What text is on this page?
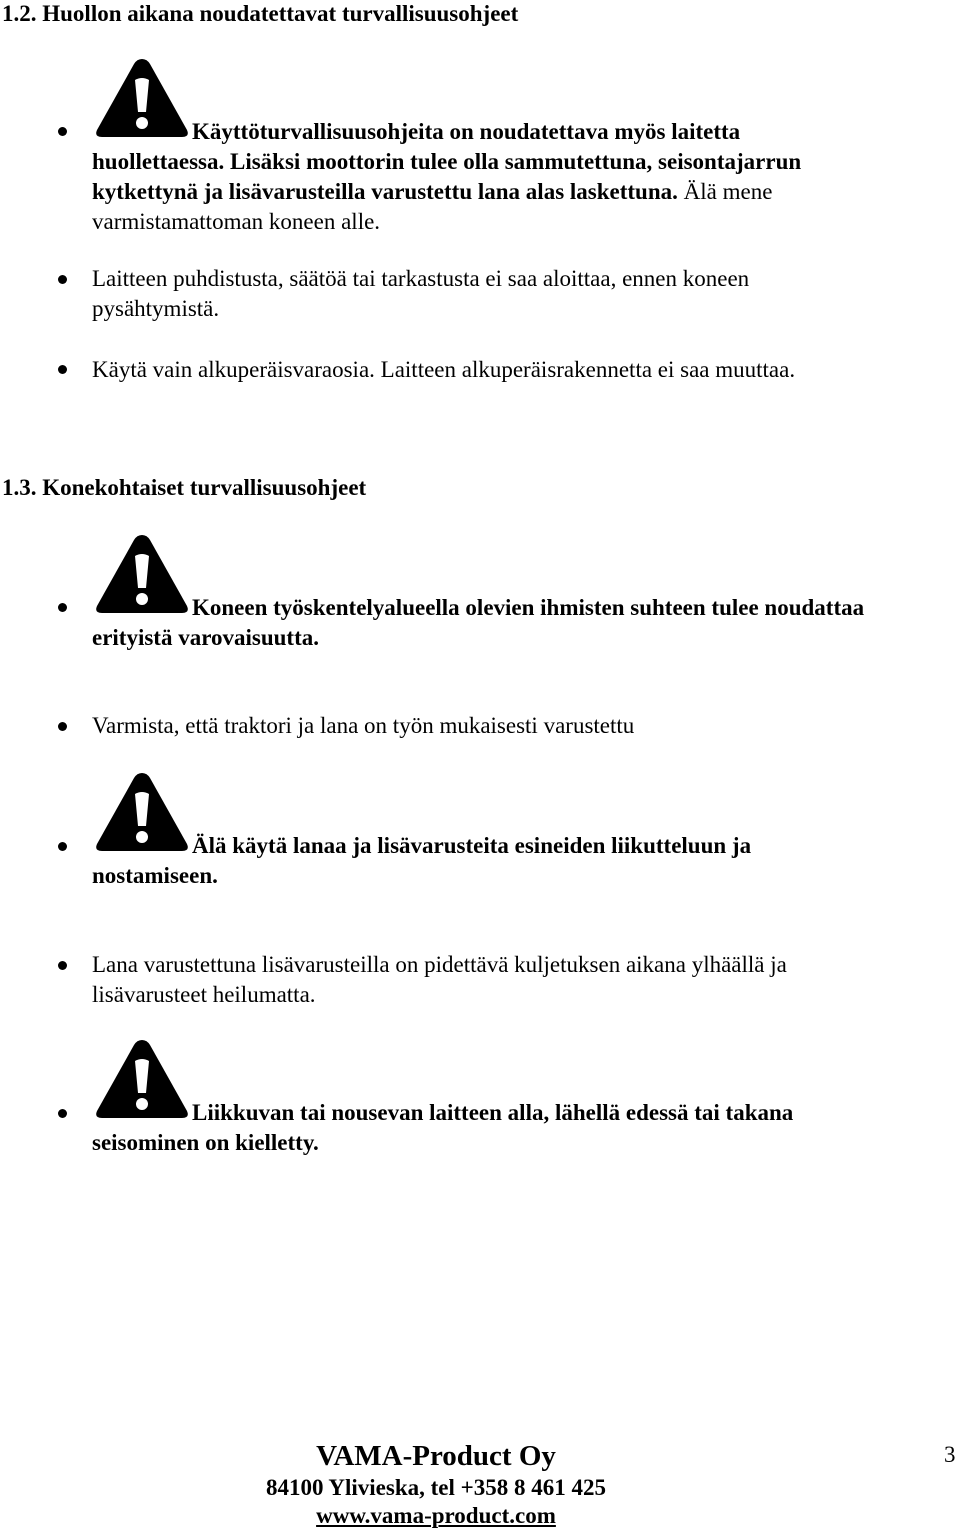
1.2. Huollon aikana noudatettavat turvallisuusohjeet
Käyttöturvallisuusohjeita on noudatettava myös laitetta huollettaessa. Lisäksi moottorin tulee olla sammutettuna, seisontajarrun kytkettynä ja lisävarusteilla varustettu lana alas laskettuna. Älä mene varmistamattoman koneen alle.
Laitteen puhdistusta, säätöä tai tarkastusta ei saa aloittaa, ennen koneen pysähtymistä.
Käytä vain alkuperäisvaraosia. Laitteen alkuperäisrakennetta ei saa muuttaa.
1.3. Konekohtaiset turvallisuusohjeet
Koneen työskentelyalueella olevien ihmisten suhteen tulee noudattaa erityistä varovaisuutta.
Varmista, että traktori ja lana on työn mukaisesti varustettu
Älä käytä lanaa ja lisävarusteita esineiden liikutteluun ja nostamiseen.
Lana varustettuna lisävarusteilla on pidettävä kuljetuksen aikana ylhäällä ja lisävarusteet heilumatta.
Liikkuvan tai nousevan laitteen alla, lähellä edessä tai takana seisominen on kielletty.
VAMA-Product Oy
84100 Ylivieska, tel +358 8 461 425
www.vama-product.com
3
